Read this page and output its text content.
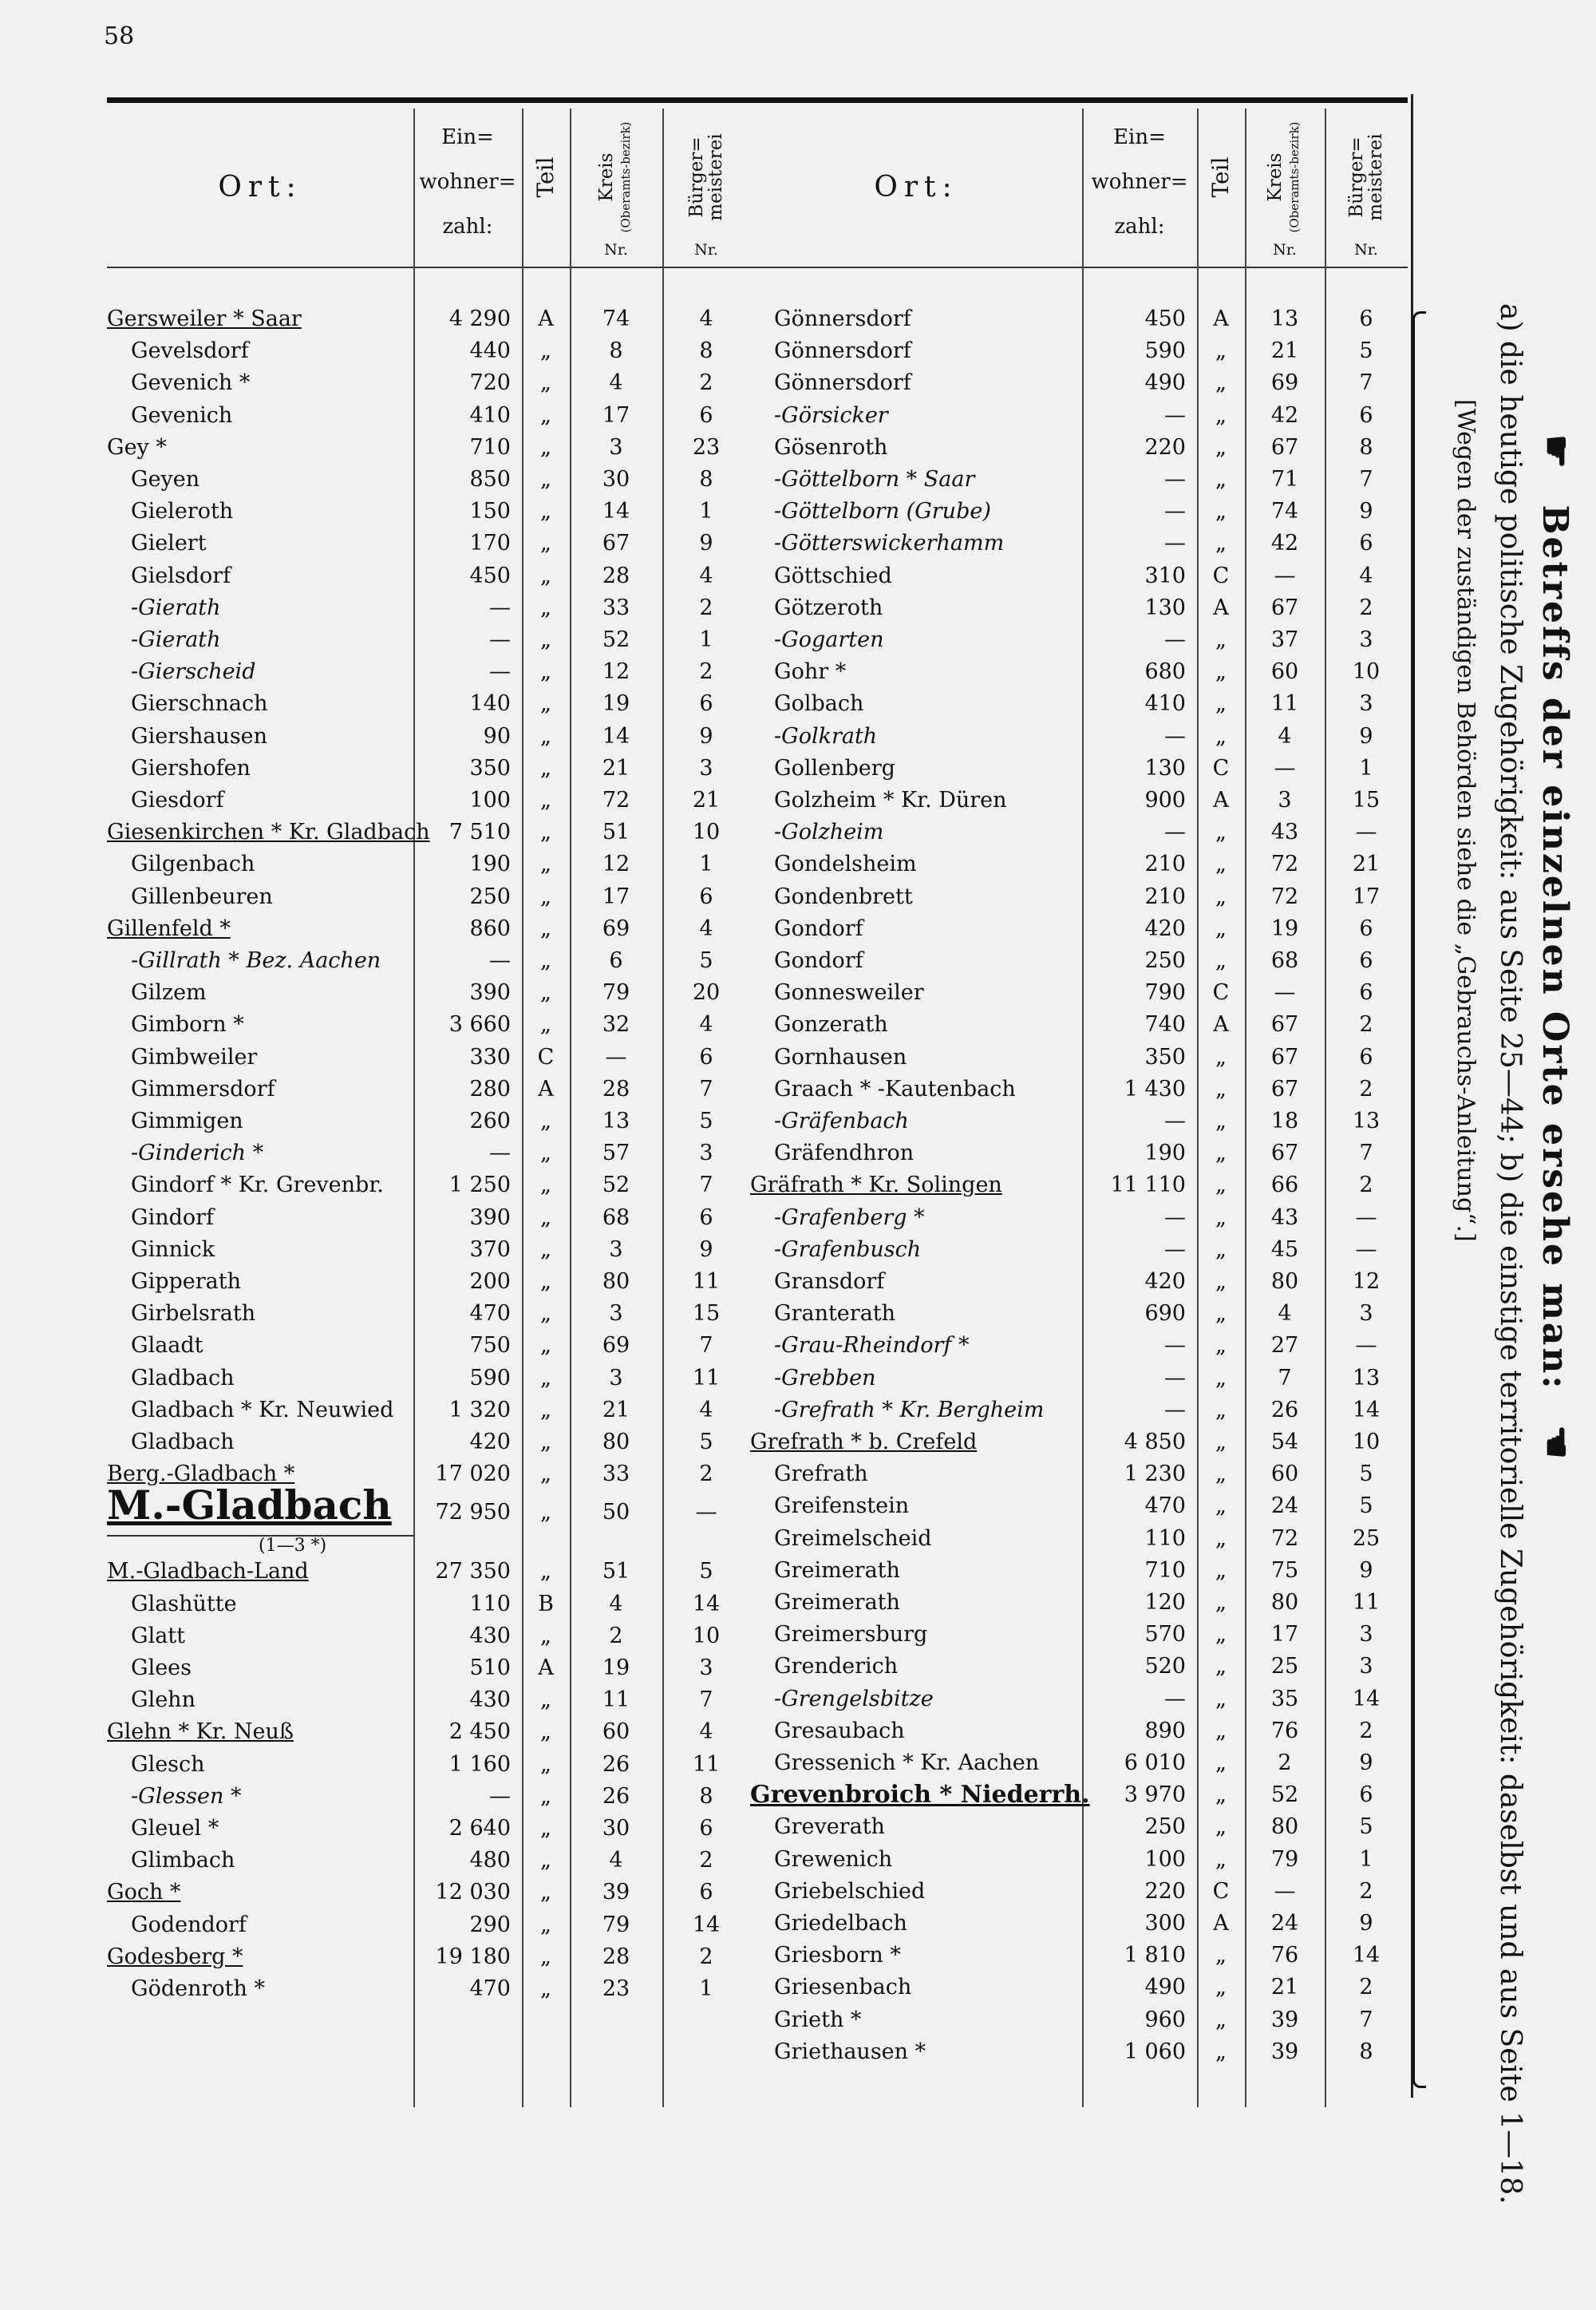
58
Ort:
Ein=
wohner=
zahl:
Teil Kreis (Oberamts-bezirk)
Nr.
Bürger=
meisterei
Nr.
Gersweiler * Saar	4 290	A	74	4
Gevelsdorf	440	„	8	8
Gevenich *	720	„	4	2
Gevenich	410	„	17	6
Gey *	710	„	3	23
Geyen	850	„	30	8
Gieleroth	150	„	14	1
Gielert	170	„	67	9
Gielsdorf	450	„	28	4
-Gierath	—	„	33	2
-Gierath	—	„	52	1
-Gierscheid	—	„	12	2
Gierschnach	140	„	19	6
Giershausen	90	„	14	9
Giershofen	350	„	21	3
Giesdorf	100	„	72	21
Giesenkirchen * Kr. Gladbach 7 510	„	51	10
Gilgenbach	190	„	12	1
Gillenbeuren	250	„	17	6
Gillenfeld *	860	„	69	4
-Gillrath * Bez. Aachen	—	„	6	5
Gilzem	390	„	79	20
Gimborn *	3 660	„	32	4
Gimbweiler	330	C	—	6
Gimmersdorf	280	A	28	7
Gimmigen	260	„	13	5
-Ginderich *	—	„	57	3
Gindorf * Kr. Grevenbr.	1 250	„	52	7
Gindorf	390	„	68	6
Ginnick	370	„	3	9
Gipperath	200	„	80	11
Girbelsrath	470	„	3	15
Glaadt	750	„	69	7
Gladbach	590	„	3	11
Gladbach * Kr. Neuwied	1 320	„	21	4
Gladbach	420	„	80	5
Berg.-Gladbach *	17 020	„	33	2
M.-Gladbach	72 950	„	50	—
(1—3 *)
M.-Gladbach-Land	27 350	„	51	5
Glashütte	110	B	4	14
Glatt	430	„	2	10
Glees	510	A	19	3
Glehn	430	„	11	7
Glehn * Kr. Neuß	2 450	„	60	4
Glesch	1 160	„	26	11
-Glessen *	—	„	26	8
Gleuel *	2 640	„	30	6
Glimbach	480	„	4	2
Goch *	12 030	„	39	6
Godendorf	290	„	79	14
Godesberg *	19 180	„	28	2
Gödenroth *	470	„	23	1
Ort:
Ein=
wohner=
zahl:
Teil Kreis (Oberamts-bezirk)
Nr.
Bürger=
meisterei
Nr.
Gönnersdorf	450	A	13	6
Gönnersdorf	590	„	21	5
Gönnersdorf	490	„	69	7
-Görsicker	—	„	42	6
Gösenroth	220	„	67	8
-Göttelborn * Saar	—	„	71	7
-Göttelborn (Grube)	—	„	74	9
-Götterswickerhamm	—	„	42	6
Göttschied	310	C	—	4
Götzeroth	130	A	67	2
-Gogarten	—	„	37	3
Gohr *	680	„	60	10
Golbach	410	„	11	3
-Golkrath	—	„	4	9
Gollenberg	130	C	—	1
Golzheim * Kr. Düren	900	A	3	15
-Golzheim	—	„	43	—
Gondelsheim	210	„	72	21
Gondenbrett	210	„	72	17
Gondorf	420	„	19	6
Gondorf	250	„	68	6
Gonnesweiler	790	C	—	6
Gonzerath	740	A	67	2
Gornhausen	350	„	67	6
Graach * -Kautenbach	1 430	„	67	2
-Gräfenbach	—	„	18	13
Gräfendhron	190	„	67	7
Gräfrath * Kr. Solingen	11 110	„	66	2
-Grafenberg *	—	„	43	—
-Grafenbusch	—	„	45	—
Gransdorf	420	„	80	12
Granterath	690	„	4	3
-Grau-Rheindorf *	—	„	27	—
-Grebben	—	„	7	13
-Grefrath * Kr. Bergheim	—	„	26	14
Grefrath * b. Crefeld	4 850	„	54	10
Grefrath	1 230	„	60	5
Greifenstein	470	„	24	5
Greimelscheid	110	„	72	25
Greimerath	710	„	75	9
Greimerath	120	„	80	11
Greimersburg	570	„	17	3
Grenderich	520	„	25	3
-Grengelsbitze	—	„	35	14
Gresaubach	890	„	76	2
Gressenich * Kr. Aachen	6 010	„	2	9
Grevenbroich * Niederrh.	3 970	„	52	6
Greverath	250	„	80	5
Grewenich	100	„	79	1
Griebelschied	220	C	—	2
Griedelbach	300	A	24	9
Griesborn *	1 810	„	76	14
Griesenbach	490	„	21	2
Grieth *	960	„	39	7
Griethausen *	1 060	„	39	8
☛ Betreffs der einzelnen Orte ersehe man: ☚
a) die heutige politische Zugehörigkeit: aus Seite 25—44; b) die einstige territorielle Zugehörigkeit: daselbst und aus Seite 1—18.
[Wegen der zuständigen Behörden siehe die „Gebrauchs-Anleitung“.]
